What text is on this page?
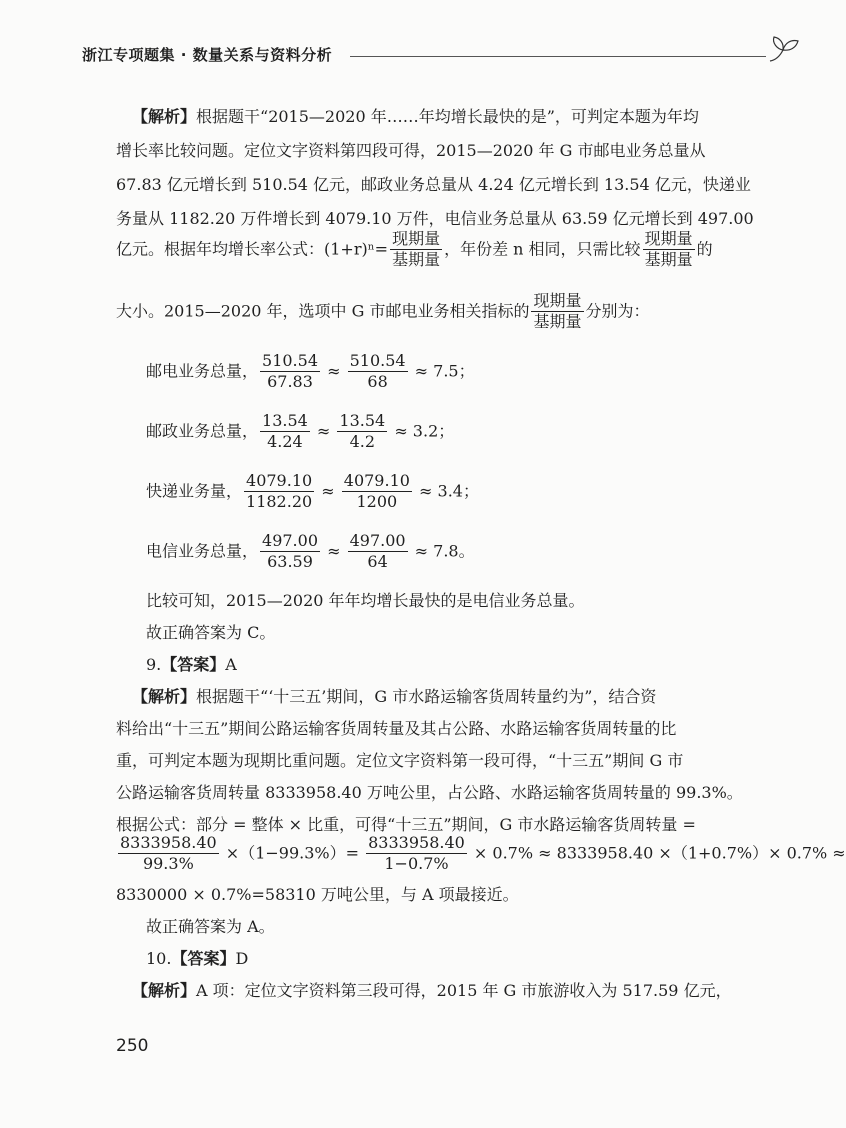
浙江专项题集 · 数量关系与资料分析
【解析】根据题干“2015—2020 年……年均增长最快的是”，可判定本题为年均
增长率比较问题。定位文字资料第四段可得，2015—2020 年 G 市邮电业务总量从
67.83 亿元增长到 510.54 亿元，邮政业务总量从 4.24 亿元增长到 13.54 亿元，快递业
务量从 1182.20 万件增长到 4079.10 万件，电信业务总量从 63.59 亿元增长到 497.00
亿元。根据年均增长率公式：$(1+r)^n= \frac{\text{现期量}}{\text{基期量}}$ ，年份差 n 相同，只需比较 $\frac{\text{现期量}}{\text{基期量}}$ 的
大小。2015—2020 年，选项中 G 市邮电业务相关指标的 $\frac{\text{现期量}}{\text{基期量}}$ 分别为：
邮电业务总量， $\frac{510.54}{67.83} \approx \frac{510.54}{68} \approx 7.5$；
邮政业务总量， $\frac{13.54}{4.24} \approx \frac{13.54}{4.2} \approx 3.2$；
快递业务量， $\frac{4079.10}{1182.20} \approx \frac{4079.10}{1200} \approx 3.4$；
电信业务总量， $\frac{497.00}{63.59} \approx \frac{497.00}{64} \approx 7.8$。
比较可知，2015—2020 年年均增长最快的是电信业务总量。
故正确答案为 C。
9.【答案】A
【解析】根据题干“‘十三五’期间，G 市水路运输客货周转量约为”，结合资
料给出“十三五”期间公路运输客货周转量及其占公路、水路运输客货周转量的比
重，可判定本题为现期比重问题。定位文字资料第一段可得，“十三五”期间 G 市
公路运输客货周转量 8333958.40 万吨公里，占公路、水路运输客货周转量的 99.3%。
根据公式：部分 = 整体 × 比重，可得“十三五”期间，G 市水路运输客货周转量 =
$\frac{8333958.40}{99.3\%} \times(1-99.3\%)= \frac{8333958.40}{1-0.7\%} \times 0.7\% \approx 8333958.40 \times(1+0.7\%)\times 0.7\%$ ≈
8330000 × 0.7%=58310 万吨公里，与 A 项最接近。
故正确答案为 A。
10.【答案】D
【解析】A 项：定位文字资料第三段可得，2015 年 G 市旅游收入为 517.59 亿元，
250
